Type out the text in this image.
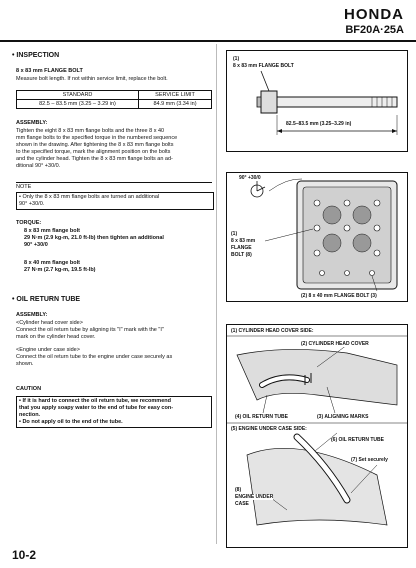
HONDA
BF20A·25A
• INSPECTION
8 x 83 mm FLANGE BOLT
Measure bolt length. If not within service limit, replace the bolt.
STANDARD	SERVICE LIMIT
82.5 – 83.5 mm (3.25 – 3.29 in)	84.9 mm (3.34 in)
ASSEMBLY:
Tighten the eight 8 x 83 mm flange bolts and the three 8 x 40
mm flange bolts to the specified torque in the numbered sequence
shown in the drawing. After tightening the 8 x 83 mm flange bolts
to the specified torque, mark the alignment position on the bolts
and the cylinder head. Tighten the 8 x 83 mm flange bolts an ad-
ditional 90° +30/0.
NOTE
• Only the 8 x 83 mm flange bolts are turned an additional
90° +30/0.
TORQUE:
8 x 83 mm flange bolt
29 N·m (2.9 kg-m, 21.0 ft-lb) then tighten an additional
90° +30/0
8 x 40 mm flange bolt
27 N·m (2.7 kg-m, 19.5 ft-lb)
• OIL RETURN TUBE
ASSEMBLY:
<Cylinder head cover side>
Connect the oil return tube by aligning its "I" mark with the "I"
mark on the cylinder head cover.
<Engine under case side>
Connect the oil return tube to the engine under case securely as
shown.
CAUTION
• If it is hard to connect the oil return tube, we recommend
that you apply soapy water to the end of tube for easy con-
nection.
• Do not apply oil to the end of the tube.
10-2
(1)
8 x 83 mm FLANGE BOLT
82.5–83.5 mm (3.25–3.29 in)
90° +30/0
(1)
8 x 83 mm
FLANGE
BOLT (8)
(2) 8 x 40 mm FLANGE BOLT (3)
(1) CYLINDER HEAD COVER SIDE:
(2) CYLINDER HEAD COVER
(4) OIL RETURN TUBE	(3) ALIGNING MARKS
(5) ENGINE UNDER CASE SIDE:
(6) OIL RETURN TUBE
(7) Set securely
(8)
ENGINE UNDER
CASE
